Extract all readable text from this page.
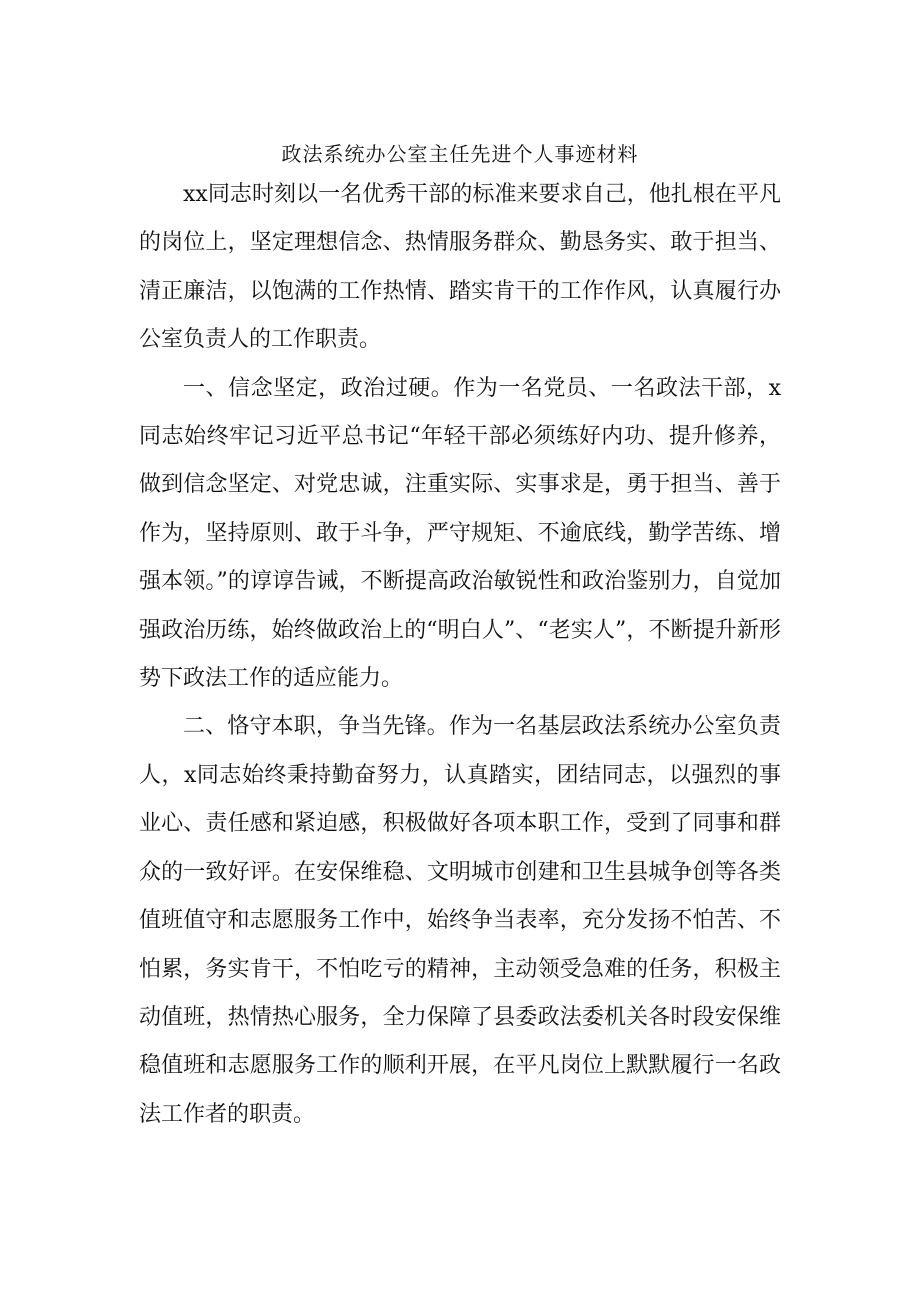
政法系统办公室主任先进个人事迹材料

xx同志时刻以一名优秀干部的标准来要求自己，他扎根在平凡的岗位上，坚定理想信念、热情服务群众、勤恳务实、敢于担当、清正廉洁，以饱满的工作热情、踏实肯干的工作作风，认真履行办公室负责人的工作职责。

一、信念坚定，政治过硬。作为一名党员、一名政法干部，x同志始终牢记习近平总书记“年轻干部必须练好内功、提升修养，做到信念坚定、对党忠诚，注重实际、实事求是，勇于担当、善于作为，坚持原则、敢于斗争，严守规矩、不逾底线，勤学苦练、增强本领。”的谆谆告诫，不断提高政治敏锐性和政治鉴别力，自觉加强政治历练，始终做政治上的“明白人”、“老实人”，不断提升新形势下政法工作的适应能力。

二、恪守本职，争当先锋。作为一名基层政法系统办公室负责人，x同志始终秉持勤奋努力，认真踏实，团结同志，以强烈的事业心、责任感和紧迫感，积极做好各项本职工作，受到了同事和群众的一致好评。在安保维稳、文明城市创建和卫生县城争创等各类值班值守和志愿服务工作中，始终争当表率，充分发扬不怕苦、不怕累，务实肯干，不怕吃亏的精神，主动领受急难的任务，积极主动值班，热情热心服务，全力保障了县委政法委机关各时段安保维稳值班和志愿服务工作的顺利开展，在平凡岗位上默默履行一名政法工作者的职责。
